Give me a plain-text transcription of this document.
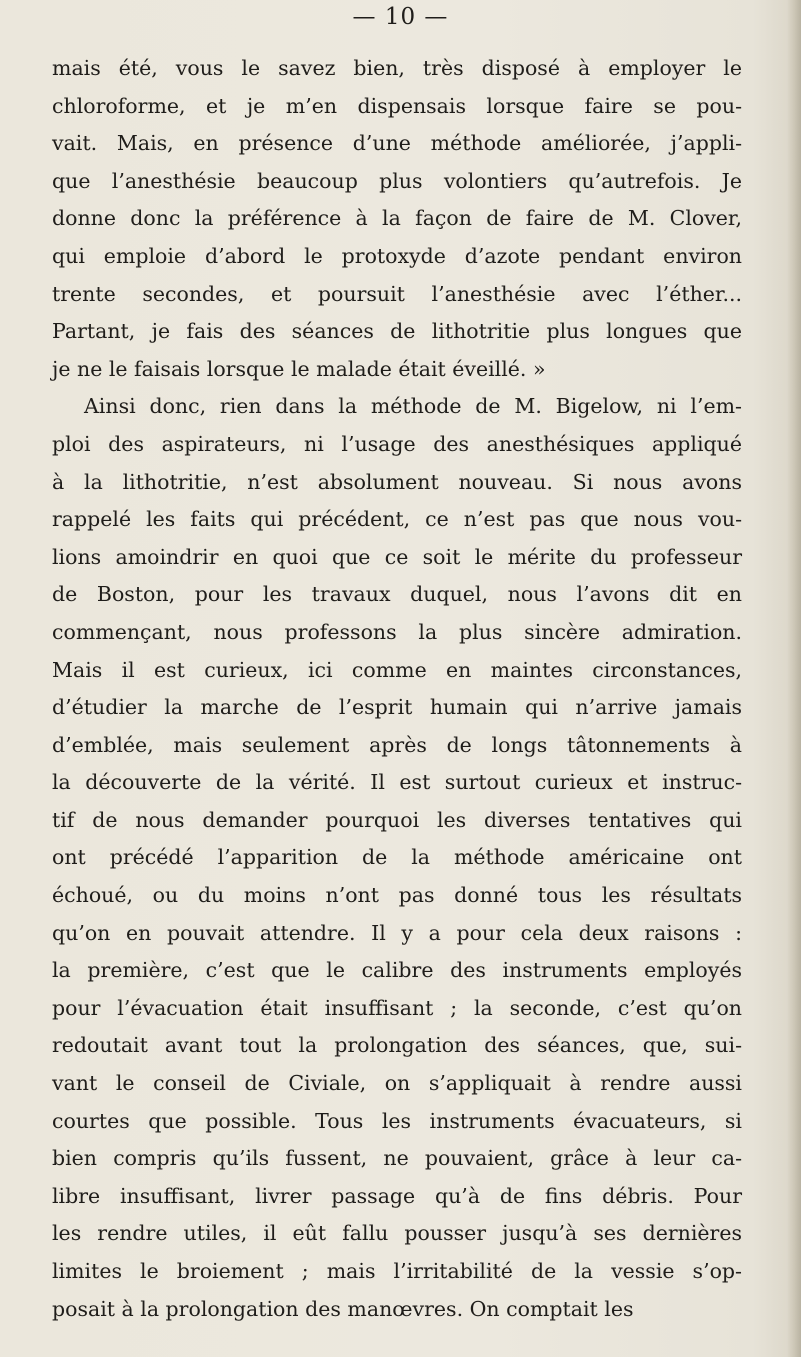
— 10 —

mais été, vous le savez bien, très disposé à employer le
chloroforme, et je m’en dispensais lorsque faire se pou-
vait. Mais, en présence d’une méthode améliorée, j’appli-
que l’anesthésie beaucoup plus volontiers qu’autrefois. Je
donne donc la préférence à la façon de faire de M. Clover,
qui emploie d’abord le protoxyde d’azote pendant environ
trente secondes, et poursuit l’anesthésie avec l’éther...
Partant, je fais des séances de lithotritie plus longues que
je ne le faisais lorsque le malade était éveillé. »
Ainsi donc, rien dans la méthode de M. Bigelow, ni l’em-
ploi des aspirateurs, ni l’usage des anesthésiques appliqué
à la lithotritie, n’est absolument nouveau. Si nous avons
rappelé les faits qui précédent, ce n’est pas que nous vou-
lions amoindrir en quoi que ce soit le mérite du professeur
de Boston, pour les travaux duquel, nous l’avons dit en
commençant, nous professons la plus sincère admiration.
Mais il est curieux, ici comme en maintes circonstances,
d’étudier la marche de l’esprit humain qui n’arrive jamais
d’emblée, mais seulement après de longs tâtonnements à
la découverte de la vérité. Il est surtout curieux et instruc-
tif de nous demander pourquoi les diverses tentatives qui
ont précédé l’apparition de la méthode américaine ont
échoué, ou du moins n’ont pas donné tous les résultats
qu’on en pouvait attendre. Il y a pour cela deux raisons :
la première, c’est que le calibre des instruments employés
pour l’évacuation était insuffisant ; la seconde, c’est qu’on
redoutait avant tout la prolongation des séances, que, sui-
vant le conseil de Civiale, on s’appliquait à rendre aussi
courtes que possible. Tous les instruments évacuateurs, si
bien compris qu’ils fussent, ne pouvaient, grâce à leur ca-
libre insuffisant, livrer passage qu’à de fins débris. Pour
les rendre utiles, il eût fallu pousser jusqu’à ses dernières
limites le broiement ; mais l’irritabilité de la vessie s’op-
posait à la prolongation des manœvres. On comptait les
